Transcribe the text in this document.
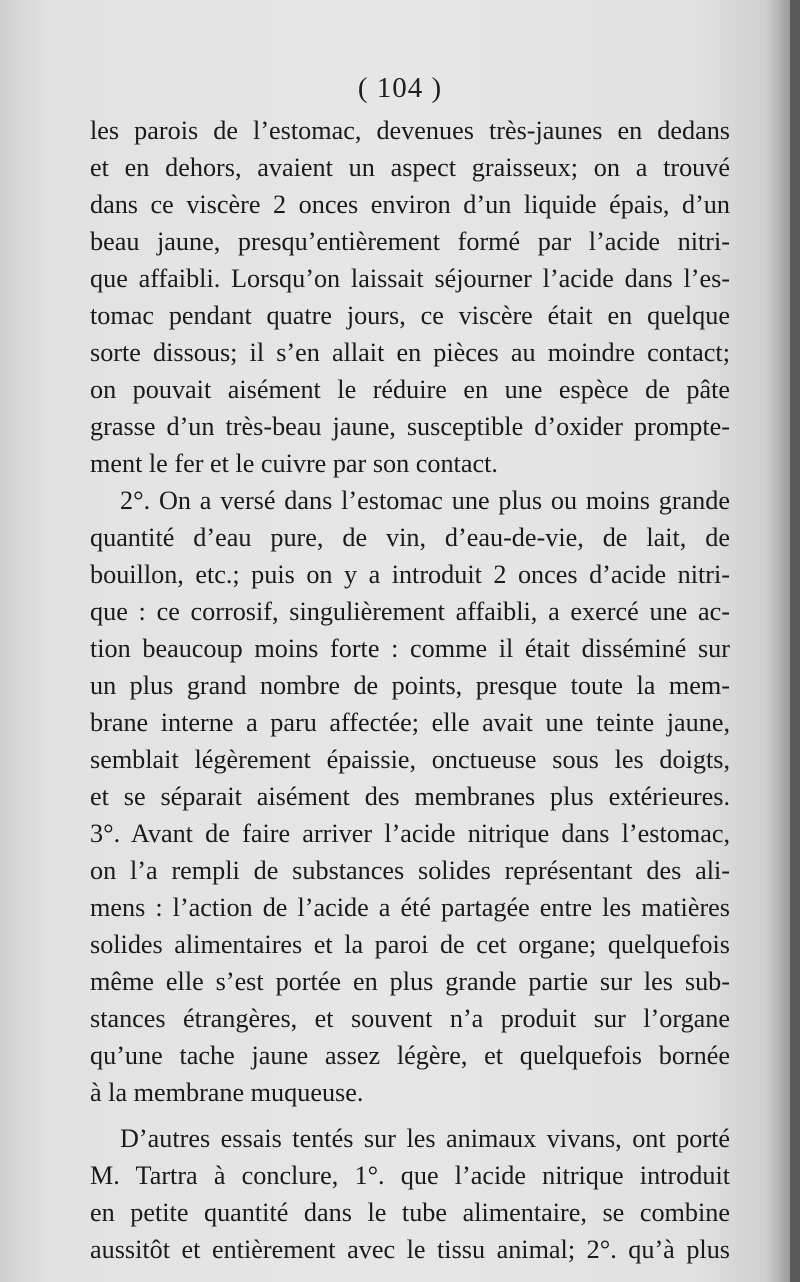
( 104 )
les parois de l’estomac, devenues très-jaunes en dedans
et en dehors, avaient un aspect graisseux; on a trouvé
dans ce viscère 2 onces environ d’un liquide épais, d’un
beau jaune, presqu’entièrement formé par l’acide nitri-
que affaibli. Lorsqu’on laissait séjourner l’acide dans l’es-
tomac pendant quatre jours, ce viscère était en quelque
sorte dissous; il s’en allait en pièces au moindre contact;
on pouvait aisément le réduire en une espèce de pâte
grasse d’un très-beau jaune, susceptible d’oxider prompte-
ment le fer et le cuivre par son contact.
2°. On a versé dans l’estomac une plus ou moins grande
quantité d’eau pure, de vin, d’eau-de-vie, de lait, de
bouillon, etc.; puis on y a introduit 2 onces d’acide nitri-
que : ce corrosif, singulièrement affaibli, a exercé une ac-
tion beaucoup moins forte : comme il était disséminé sur
un plus grand nombre de points, presque toute la mem-
brane interne a paru affectée; elle avait une teinte jaune,
semblait légèrement épaissie, onctueuse sous les doigts,
et se séparait aisément des membranes plus extérieures.
3°. Avant de faire arriver l’acide nitrique dans l’estomac,
on l’a rempli de substances solides représentant des ali-
mens : l’action de l’acide a été partagée entre les matières
solides alimentaires et la paroi de cet organe; quelquefois
même elle s’est portée en plus grande partie sur les sub-
stances étrangères, et souvent n’a produit sur l’organe
qu’une tache jaune assez légère, et quelquefois bornée
à la membrane muqueuse.
D’autres essais tentés sur les animaux vivans, ont porté
M. Tartra à conclure, 1°. que l’acide nitrique introduit
en petite quantité dans le tube alimentaire, se combine
aussitôt et entièrement avec le tissu animal; 2°. qu’à plus
